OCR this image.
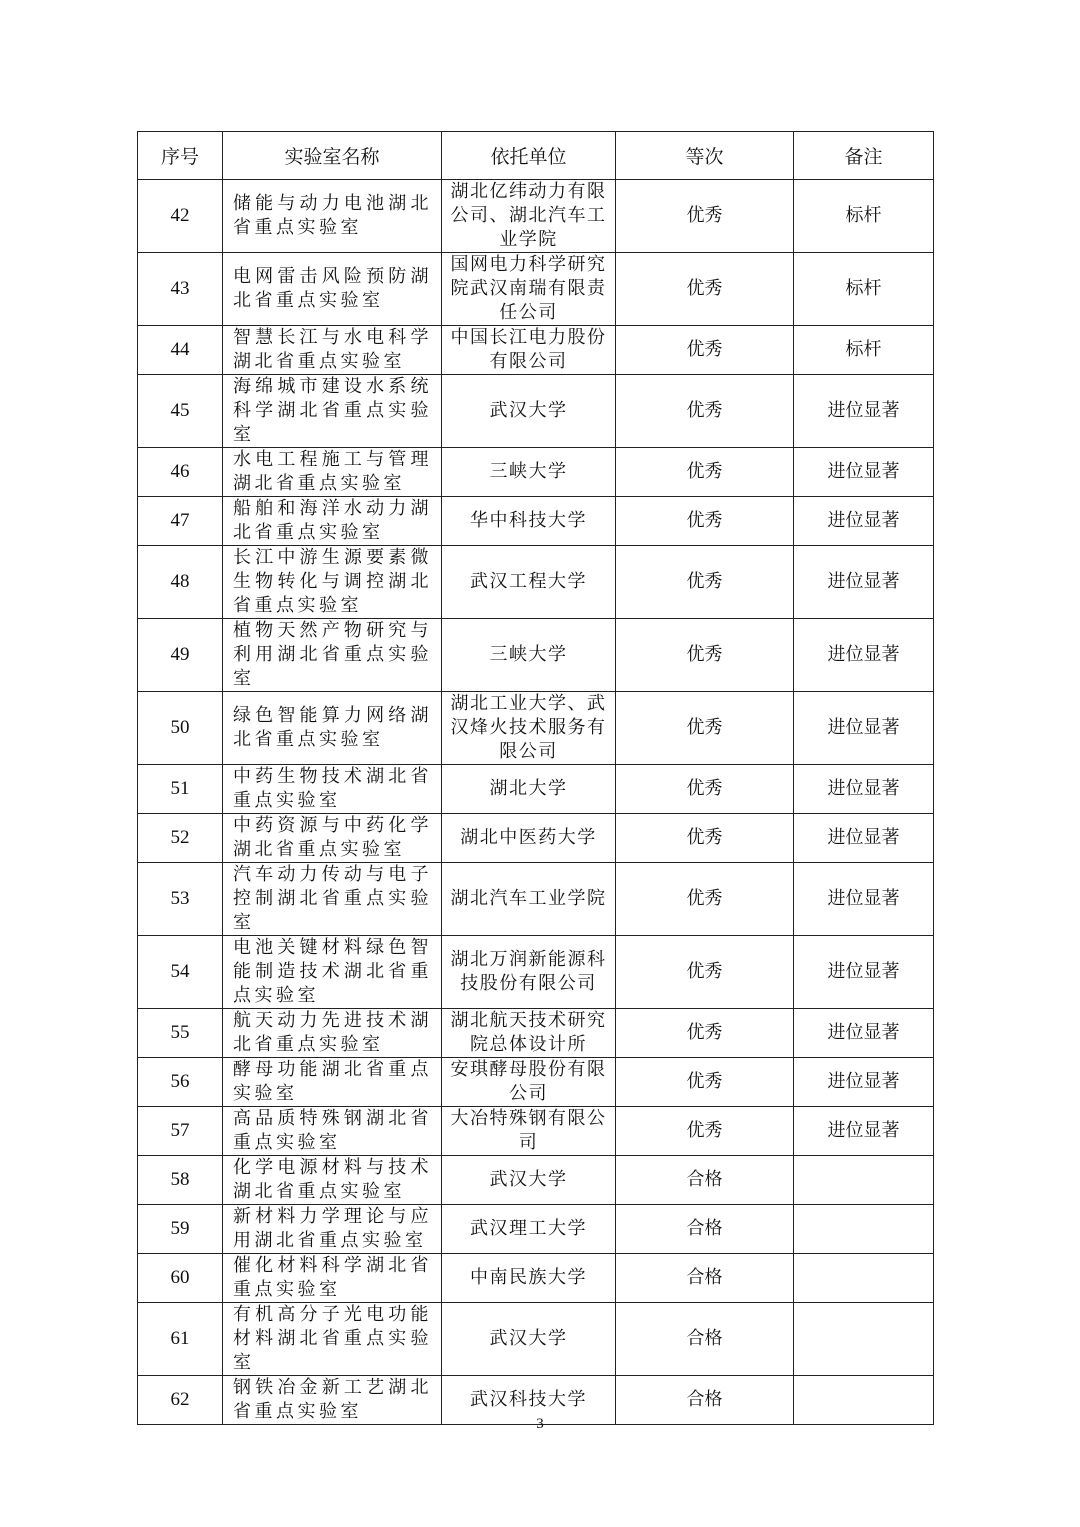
序号	实验室名称	依托单位	等次	备注

42	储能与动力电池湖北省重点实验室	湖北亿纬动力有限公司、湖北汽车工业学院	优秀	标杆

43	电网雷击风险预防湖北省重点实验室	国网电力科学研究院武汉南瑞有限责任公司	优秀	标杆

44	智慧长江与水电科学湖北省重点实验室	中国长江电力股份有限公司	优秀	标杆

45	海绵城市建设水系统科学湖北省重点实验室	武汉大学	优秀	进位显著

46	水电工程施工与管理湖北省重点实验室	三峡大学	优秀	进位显著

47	船舶和海洋水动力湖北省重点实验室	华中科技大学	优秀	进位显著

48	长江中游生源要素微生物转化与调控湖北省重点实验室	武汉工程大学	优秀	进位显著

49	植物天然产物研究与利用湖北省重点实验室	三峡大学	优秀	进位显著

50	绿色智能算力网络湖北省重点实验室	湖北工业大学、武汉烽火技术服务有限公司	优秀	进位显著

51	中药生物技术湖北省重点实验室	湖北大学	优秀	进位显著

52	中药资源与中药化学湖北省重点实验室	湖北中医药大学	优秀	进位显著

53	汽车动力传动与电子控制湖北省重点实验室	湖北汽车工业学院	优秀	进位显著

54	电池关键材料绿色智能制造技术湖北省重点实验室	湖北万润新能源科技股份有限公司	优秀	进位显著

55	航天动力先进技术湖北省重点实验室	湖北航天技术研究院总体设计所	优秀	进位显著

56	酵母功能湖北省重点实验室	安琪酵母股份有限公司	优秀	进位显著

57	高品质特殊钢湖北省重点实验室	大冶特殊钢有限公司	优秀	进位显著

58	化学电源材料与技术湖北省重点实验室	武汉大学	合格	

59	新材料力学理论与应用湖北省重点实验室	武汉理工大学	合格	

60	催化材料科学湖北省重点实验室	中南民族大学	合格	

61	有机高分子光电功能材料湖北省重点实验室	武汉大学	合格	

62	钢铁冶金新工艺湖北省重点实验室	武汉科技大学	合格	

3
